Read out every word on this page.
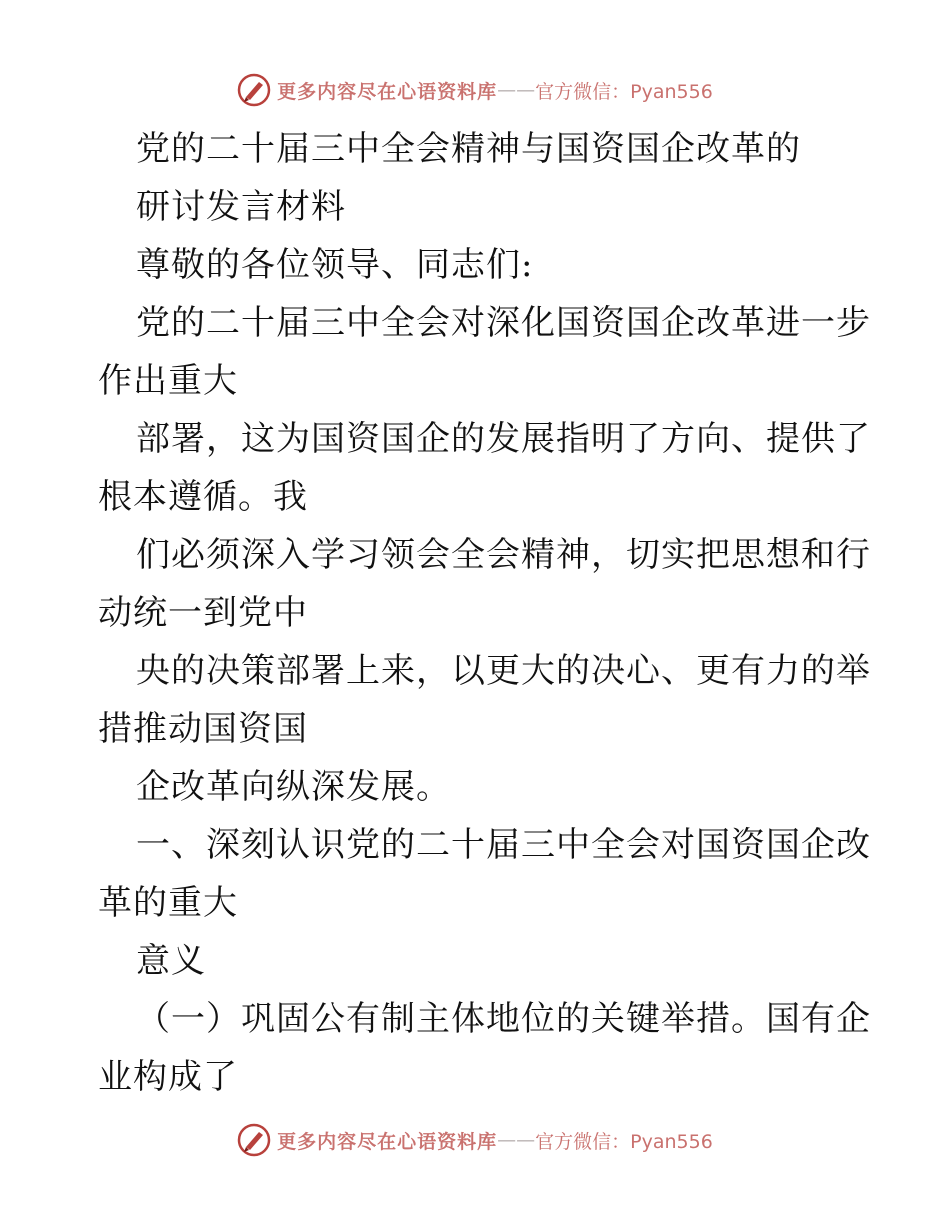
更多内容尽在心语资料库 —— 官方微信：Pyan556
党的二十届三中全会精神与国资国企改革的
研讨发言材料
尊敬的各位领导、同志们:
党的二十届三中全会对深化国资国企改革进一步
作出重大
部署，这为国资国企的发展指明了方向、提供了
根本遵循。我
们必须深入学习领会全会精神，切实把思想和行
动统一到党中
央的决策部署上来，以更大的决心、更有力的举
措推动国资国
企改革向纵深发展。
一、深刻认识党的二十届三中全会对国资国企改
革的重大
意义
（一）巩固公有制主体地位的关键举措。国有企
业构成了
更多内容尽在心语资料库 —— 官方微信：Pyan556
